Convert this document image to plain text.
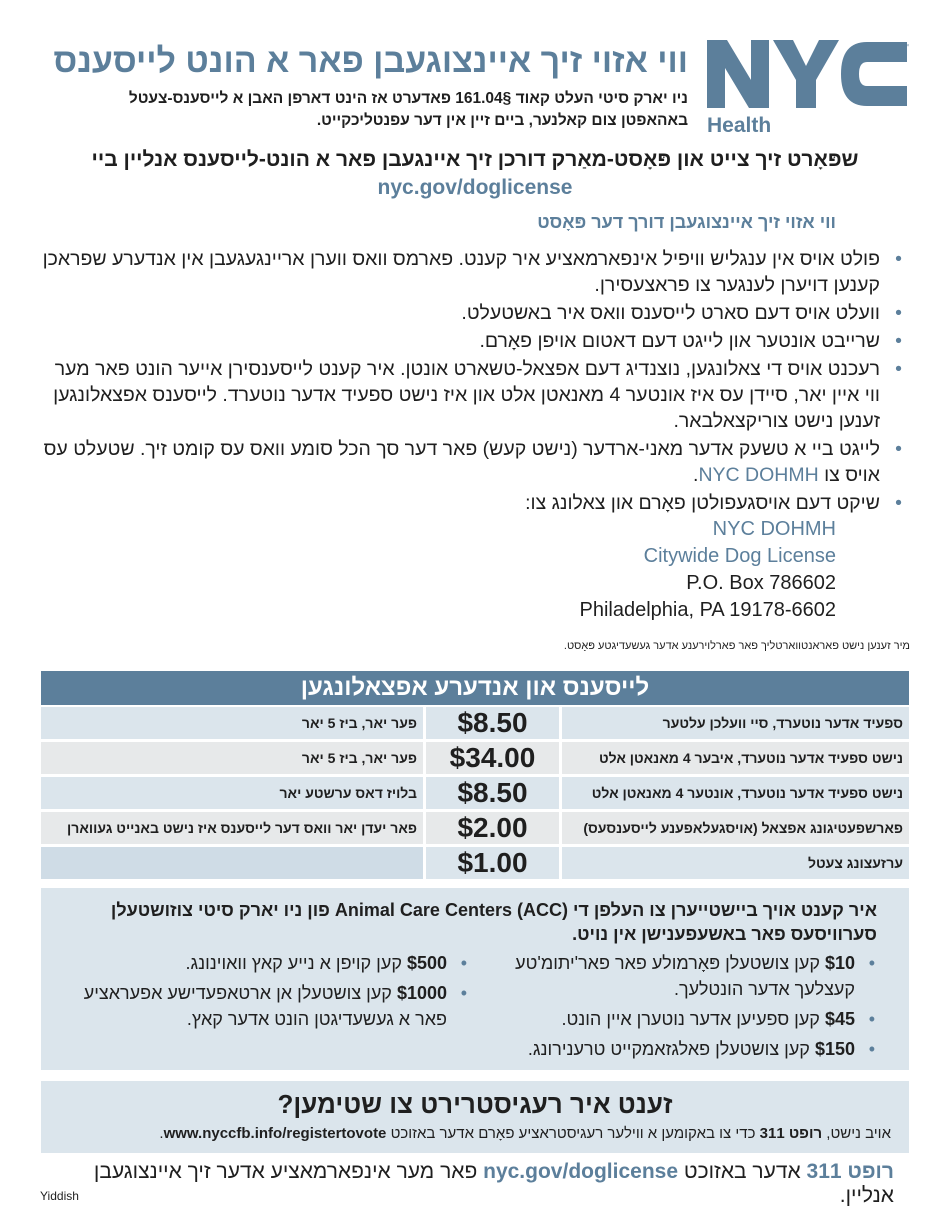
™
Health
ווי אזוי זיך איינצוגעבן פאר א הונט לייסענס
ניו יארק סיטי העלט קאוד §161.04 פאדערט אז הינט דארפן האבן א לייסענס-צעטל
באהאפטן צום קאלנער, ביים זיין אין דער עפנטליכקייט.
שפּאָרט זיך צייט און פּאָסט-מאַרק דורכן זיך איינגעבן פאר א הונט-לייסענס אנליין ביי
nyc.gov/doglicense
ווי אזוי זיך איינצוגעבן דורך דער פּאָסט
• פולט אויס אין ענגליש וויפיל אינפארמאציע איר קענט. פארמס וואס ווערן אריינגעגעבן אין אנדערע שפראכן קענען דויערן לענגער צו פראצעסירן.
• וועלט אויס דעם סארט לייסענס וואס איר באשטעלט.
• שרייבט אונטער און לייגט דעם דאטום אויפן פאָרם.
• רעכנט אויס די צאלונגען, נוצנדיג דעם אפצאל-טשארט אונטן. איר קענט לייסענסירן אייער הונט פאר מער ווי איין יאר, סיידן עס איז אונטער 4 מאנאטן אלט און איז נישט ספעיד אדער נוטערד. לייסענס אפצאלונגען זענען נישט צוריקצאלבאר.
• לייגט ביי א טשעק אדער מאני-ארדער (נישט קעש) פאר דער סך הכל סומע וואס עס קומט זיך. שטעלט עס אויס צו NYC DOHMH.
• שיקט דעם אויסגעפולטן פאָרם און צאלונג צו:
NYC DOHMH
Citywide Dog License
P.O. Box 786602
Philadelphia, PA 19178-6602
מיר זענען נישט פאראנטווארטליך פאר פארלוירענע אדער געשעדיגטע פּאָסט.
לייסענס און אנדערע אפצאלונגען
ספעיד אדער נוטערד, סיי וועלכן עלטער
$8.50
פער יאר, ביז 5 יאר
נישט ספעיד אדער נוטערד, איבער 4 מאנאטן אלט
$34.00
פער יאר, ביז 5 יאר
נישט ספעיד אדער נוטערד, אונטער 4 מאנאטן אלט
$8.50
בלויז דאס ערשטע יאר
פארשפעטיגונג אפצאל (אויסגעלאפענע לייסענסעס)
$2.00
פאר יעדן יאר וואס דער לייסענס איז נישט באנייט געווארן
ערזעצונג צעטל
$1.00
איר קענט אויך ביישטייערן צו העלפן די Animal Care Centers (ACC) פון ניו יארק סיטי צוזושטעלן סערוויסעס פאר באשעפענישן אין נויט.
• $10 קען צושטעלן פּאָרמולע פאר פאר'יתומ'טע קעצלעך אדער הונטלעך.
• $45 קען ספעיען אדער נוטערן איין הונט.
• $150 קען צושטעלן פאלגזאמקייט טרענירונג.
• $500 קען קויפן א נייע קאץ וואוינונג.
• $1000 קען צושטעלן אן ארטאפעדישע אפעראציע פאר א געשעדיגטן הונט אדער קאץ.
זענט איר רעגיסטרירט צו שטימען?
אויב נישט, רופט 311 כדי צו באקומען א ווילער רעגיסטראציע פאָרם אדער באזוכט www.nyccfb.info/registertovote.
רופט 311 אדער באזוכט nyc.gov/doglicense פאר מער אינפארמאציע אדער זיך איינצוגעבן אנליין.
Yiddish
